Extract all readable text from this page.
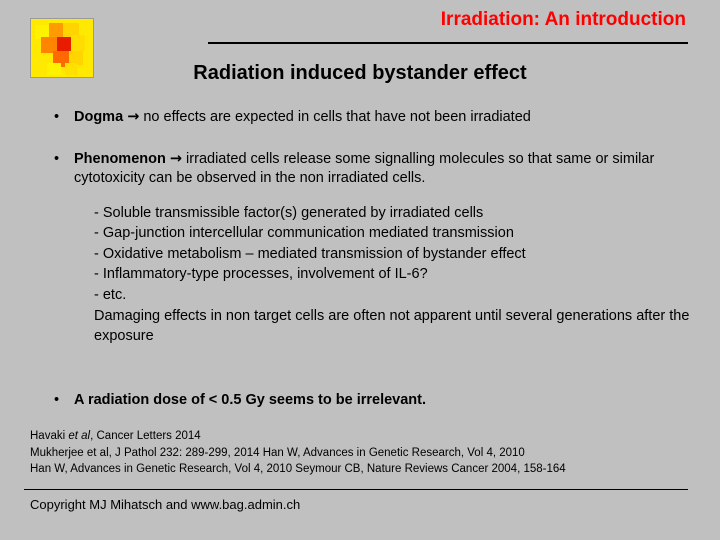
Irradiation: An introduction
Radiation induced bystander effect
• Dogma → no effects are expected in cells that have not been irradiated
• Phenomenon → irradiated cells release some signalling molecules so that same or similar cytotoxicity can be observed in the non irradiated cells.
- Soluble transmissible factor(s) generated by irradiated cells
- Gap-junction intercellular communication mediated transmission
- Oxidative metabolism – mediated transmission of bystander effect
- Inflammatory-type processes, involvement of IL-6?
- etc.
Damaging effects in non target cells are often not apparent until several generations after the exposure
• A radiation dose of < 0.5 Gy seems to be irrelevant.
Havaki et al, Cancer Letters 2014
Mukherjee et al, J Pathol 232: 289-299, 2014 Han W, Advances in Genetic Research, Vol 4, 2010
Han W, Advances in Genetic Research, Vol 4, 2010 Seymour CB, Nature Reviews Cancer 2004, 158-164
Copyright MJ Mihatsch and www.bag.admin.ch
